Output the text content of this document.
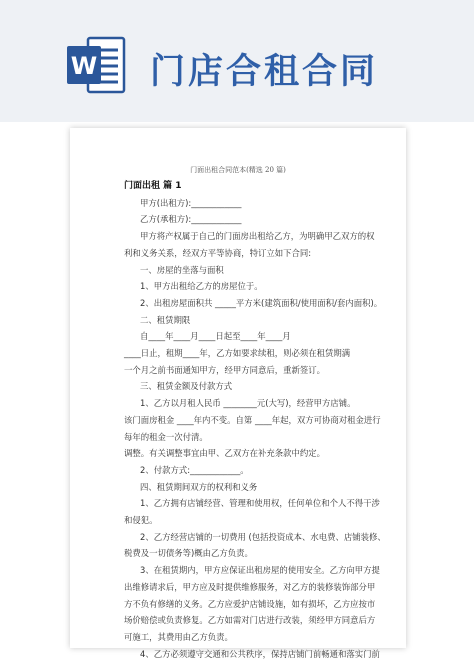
W 门店合租合同
门面出租合同范本(精选 20 篇)
门面出租 篇 1
甲方(出租方):____________
乙方(承租方):____________
甲方将产权属于自己的门面房出租给乙方，为明确甲乙双方的权
利和义务关系，经双方平等协商，特订立如下合同:
一、房屋的坐落与面积
1、甲方出租给乙方的房屋位于。
2、出租房屋面积共 _____平方米(建筑面积/使用面积/套内面积)。
二、租赁期限
自____年____月____日起至____年____月
____日止，租期____年，乙方如要求续租，则必须在租赁期满
一个月之前书面通知甲方，经甲方同意后，重新签订。
三、租赁金额及付款方式
1、乙方以月租人民币 ________元(大写)，经营甲方店铺。
该门面房租金 ____年内不变。自第 ____年起，双方可协商对租金进行
每年的租金一次付清。
调整。有关调整事宜由甲、乙双方在补充条款中约定。
2、付款方式:____________。
四、租赁期间双方的权利和义务
1、乙方拥有店铺经营、管理和使用权，任何单位和个人不得干涉
和侵犯。
2、乙方经营店铺的一切费用 (包括投资成本、水电费、店铺装修、
税费及一切债务等)概由乙方负责。
3、在租赁期内，甲方应保证出租房屋的使用安全。乙方向甲方提
出维修请求后，甲方应及时提供维修服务，对乙方的装修装饰部分甲
方不负有修缮的义务。乙方应爱护店铺设施，如有损坏，乙方应按市
场价赔偿或负责修复。乙方如需对门店进行改装，须经甲方同意后方
可施工，其费用由乙方负责。
4、乙方必须遵守交通和公共秩序，保持店铺门前畅通和落实门前
